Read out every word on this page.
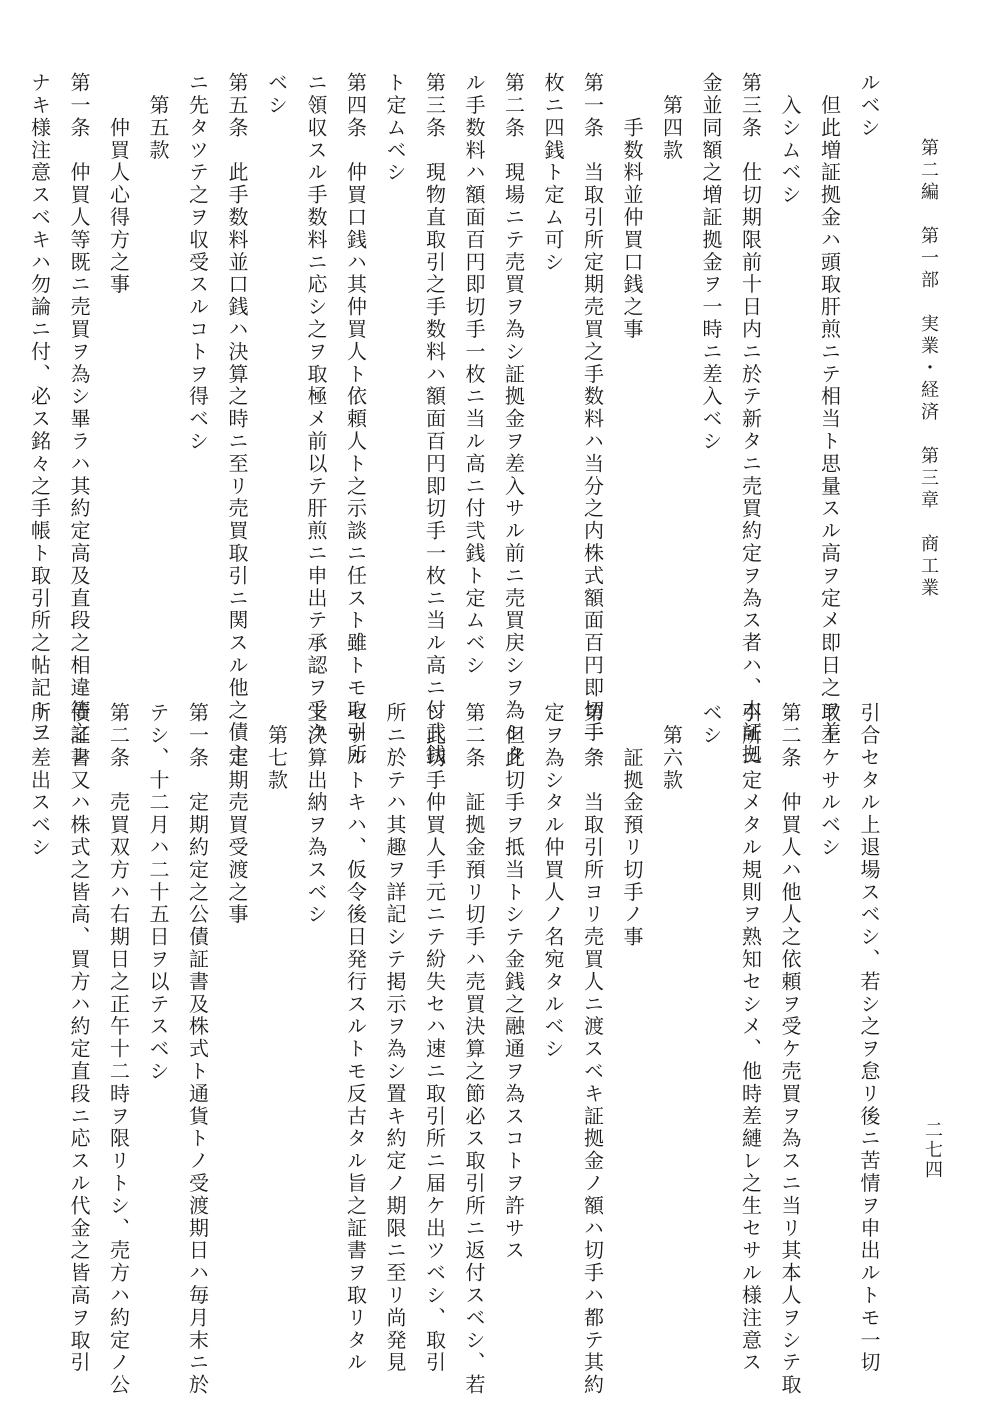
第二編　第一部　実業・経済　第三章　商工業
二七四
ルベシ
　但此増証拠金ハ頭取肝煎ニテ相当ト思量スル高ヲ定メ即日之ヲ差
　入シムベシ
第三条　仕切期限前十日内ニ於テ新タニ売買約定ヲ為ス者ハ、本証拠
金並同額之増証拠金ヲ一時ニ差入ベシ
　第四款
　　手数料並仲買口銭之事
第一条　当取引所定期売買之手数料ハ当分之内株式額面百円即切手一
枚ニ四銭ト定ム可シ
第二条　現場ニテ売買ヲ為シ証拠金ヲ差入サル前ニ売買戻シヲ為シタ
ル手数料ハ額面百円即切手一枚ニ当ル高ニ付弐銭ト定ムベシ
第三条　現物直取引之手数料ハ額面百円即切手一枚ニ当ル高ニ付弐銭
ト定ムベシ
第四条　仲買口銭ハ其仲買人ト依頼人ト之示談ニ任スト雖トモ取引所
ニ領収スル手数料ニ応シ之ヲ取極メ前以テ肝煎ニ申出テ承認ヲ受ク
ベシ
第五条　此手数料並口銭ハ決算之時ニ至リ売買取引ニ関スル他之債主
ニ先タツテ之ヲ収受スルコトヲ得ベシ
　第五款
　　仲買人心得方之事
第一条　仲買人等既ニ売買ヲ為シ畢ラハ其約定高及直段之相違等之レ
ナキ様注意スベキハ勿論ニ付、必ス銘々之手帳ト取引所之帖記トヲ
引合セタル上退場スベシ、若シ之ヲ怠リ後ニ苦情ヲ申出ルトモ一切
取上ケサルベシ
第二条　仲買人ハ他人之依頼ヲ受ケ売買ヲ為スニ当リ其本人ヲシテ取
引所ニ定メタル規則ヲ熟知セシメ、他時差縺レ之生セサル様注意ス
ベシ
　第六款
　　証拠金預リ切手ノ事
第一条　当取引所ヨリ売買人ニ渡スベキ証拠金ノ額ハ切手ハ都テ其約
定ヲ為シタル仲買人ノ名宛タルベシ
　但此切手ヲ抵当トシテ金銭之融通ヲ為スコトヲ許サス
第二条　証拠金預リ切手ハ売買決算之節必ス取引所ニ返付スベシ、若
シ此切手仲買人手元ニテ紛失セハ速ニ取引所ニ届ケ出ツベシ、取引
所ニ於テハ其趣ヲ詳記シテ掲示ヲ為シ置キ約定ノ期限ニ至リ尚発見
セサルトキハ、仮令後日発行スルトモ反古タル旨之証書ヲ取リタル
上決算出納ヲ為スベシ
　第七款
　　定期売買受渡之事
第一条　定期約定之公債証書及株式ト通貨トノ受渡期日ハ毎月末ニ於
テシ、十二月ハ二十五日ヲ以テスベシ
第二条　売買双方ハ右期日之正午十二時ヲ限リトシ、売方ハ約定ノ公
債証書又ハ株式之皆高、買方ハ約定直段ニ応スル代金之皆高ヲ取引
所ニ差出スベシ
